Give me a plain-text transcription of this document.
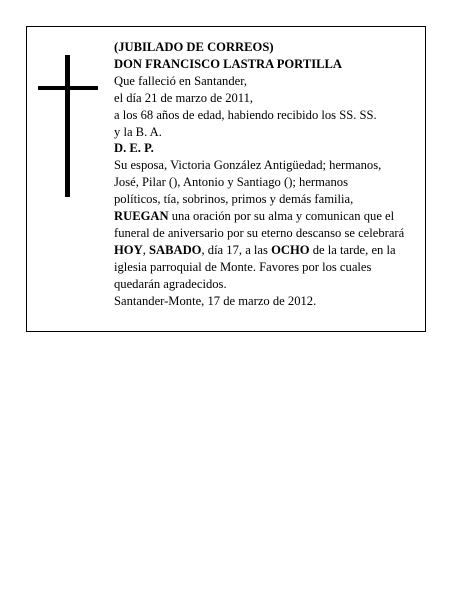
(JUBILADO DE CORREOS)
DON FRANCISCO LASTRA PORTILLA
Que falleció en Santander,
el día 21 de marzo de 2011,
a los 68 años de edad, habiendo recibido los SS. SS.
y la B. A.
D. E. P.
Su esposa, Victoria González Antigüedad; hermanos,
José, Pilar (), Antonio y Santiago (); hermanos
políticos, tía, sobrinos, primos y demás familia,
RUEGAN una oración por su alma y comunican que el funeral de aniversario por su eterno descanso se celebrará HOY, SABADO, día 17, a las OCHO de la tarde, en la iglesia parroquial de Monte. Favores por los cuales quedarán agradecidos.
Santander-Monte, 17 de marzo de 2012.
